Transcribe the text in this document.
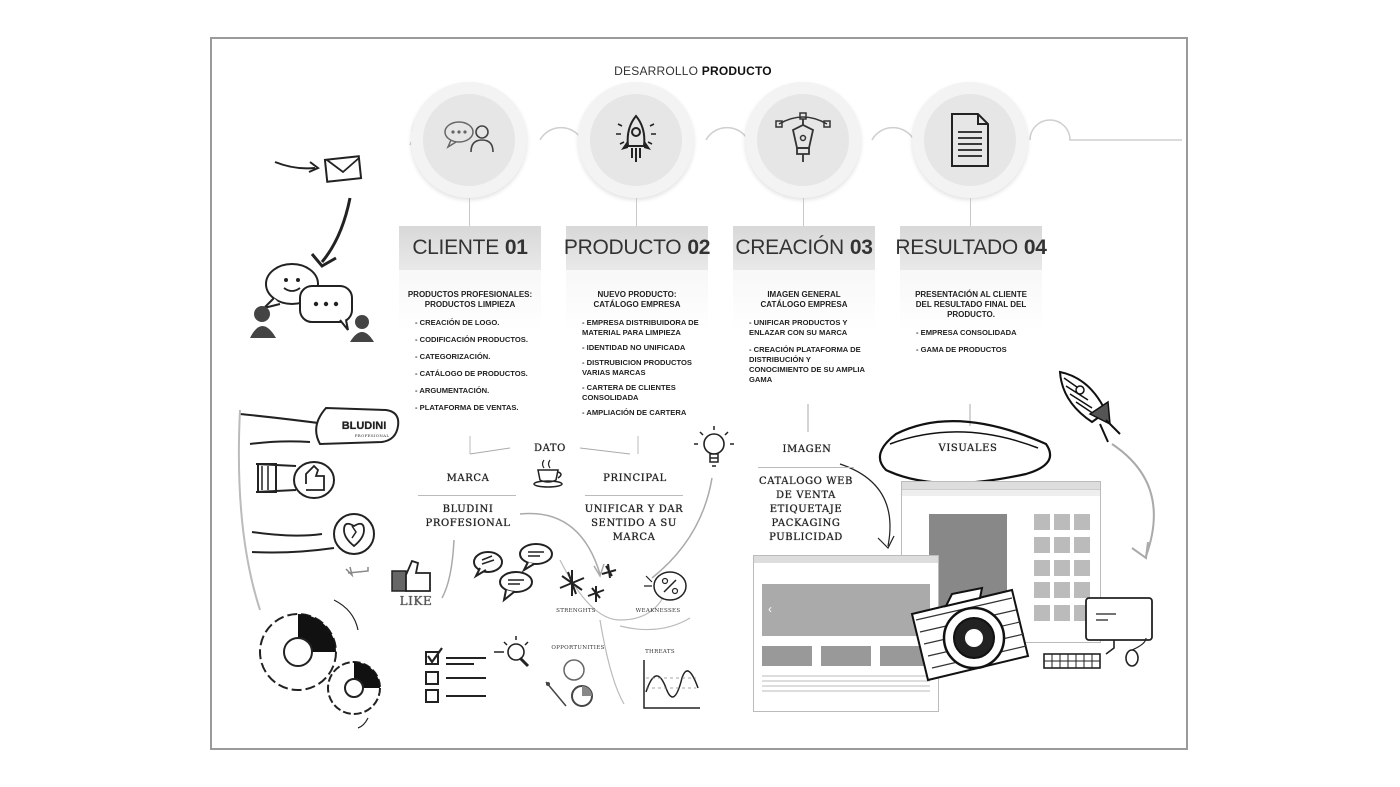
DESARROLLO PRODUCTO
CLIENTE 01
PRODUCTOS PROFESIONALES:
PRODUCTOS LIMPIEZA
- CREACIÓN DE LOGO.
- CODIFICACIÓN PRODUCTOS.
- CATEGORIZACIÓN.
- CATÁLOGO DE PRODUCTOS.
- ARGUMENTACIÓN.
- PLATAFORMA DE VENTAS.
PRODUCTO 02
NUEVO PRODUCTO:
CATÁLOGO EMPRESA
- EMPRESA DISTRIBUIDORA DE MATERIAL PARA LIMPIEZA
- IDENTIDAD NO UNIFICADA
- DISTRUBICION PRODUCTOS VARIAS MARCAS
- CARTERA DE CLIENTES CONSOLIDADA
- AMPLIACIÓN DE CARTERA
CREACIÓN 03
IMAGEN GENERAL
CATÁLOGO EMPRESA
- UNIFICAR PRODUCTOS Y ENLAZAR CON SU MARCA
- CREACIÓN PLATAFORMA DE DISTRIBUCIÓN Y CONOCIMIENTO DE SU AMPLIA GAMA
RESULTADO 04
PRESENTACIÓN AL CLIENTE
DEL RESULTADO FINAL DEL PRODUCTO.
- EMPRESA CONSOLIDADA
- GAMA DE PRODUCTOS
BLUDINI
PROFESIONAL
LIKE
DATO
MARCA
BLUDINI PROFESIONAL
PRINCIPAL
UNIFICAR Y DAR SENTIDO A SU MARCA
IMAGEN
CATALOGO WEB DE VENTA ETIQUETAJE PACKAGING PUBLICIDAD
STRENGHTS	WEAKNESSES
OPPORTUNITIES
THREATS
VISUALES
‹
